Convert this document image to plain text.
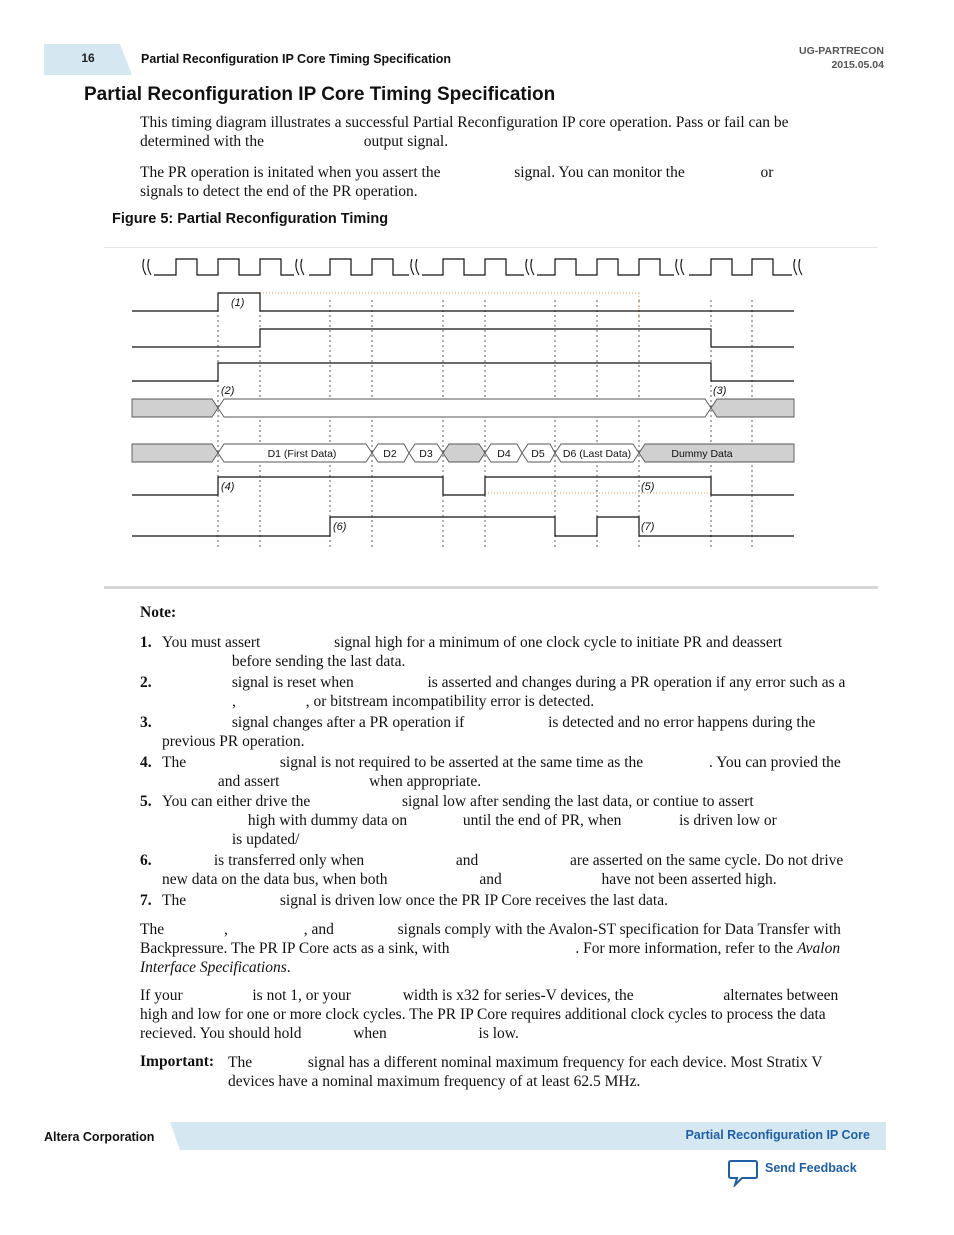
16	Partial Reconfiguration IP Core Timing Specification
UG-PARTRECON
2015.05.04
Partial Reconfiguration IP Core Timing Specification

This timing diagram illustrates a successful Partial Reconfiguration IP core operation. Pass or fail can be determined with the	output signal.

The PR operation is initated when you assert the	signal. You can monitor the	or  signals to detect the end of the PR operation.

Figure 5: Partial Reconfiguration Timing
D1 (First Data)	D2 D3	D4 D5 D6 (Last Data)	Dummy Data
(1)
(2)	(3)
(4)	(5)
(6)	(7)
Note:
1. You must assert	signal high for a minimum of one clock cycle to initiate PR and deassert
before sending the last data.
2.	signal is reset when	is asserted and changes during a PR operation if any error such as a ,	, or bitstream incompatibility error is detected.
3.	signal changes after a PR operation if	is detected and no error happens during the previous PR operation.
4. The	signal is not required to be asserted at the same time as the	. You can provied the  and assert	when appropriate.
5. You can either drive the	signal low after sending the last data, or contiue to assert
high with dummy data on	until the end of PR, when	is driven low or
is updated/
6.	is transferred only when	and	are asserted on the same cycle. Do not drive new data on the data bus, when both	and	have not been asserted high.
7. The	signal is driven low once the PR IP Core receives the last data.

The	,	, and	signals comply with the Avalon-ST specification for Data Transfer with Backpressure. The PR IP Core acts as a sink, with	. For more information, refer to the Avalon Interface Specifications.

If your	is not 1, or your	width is x32 for series-V devices, the	alternates between high and low for one or more clock cycles. The PR IP Core requires additional clock cycles to process the data recieved. You should hold	when	is low.

Important: The	signal has a different nominal maximum frequency for each device. Most Stratix V devices have a nominal maximum frequency of at least 62.5 MHz.
Altera Corporation	Partial Reconfiguration IP Core
Send Feedback
